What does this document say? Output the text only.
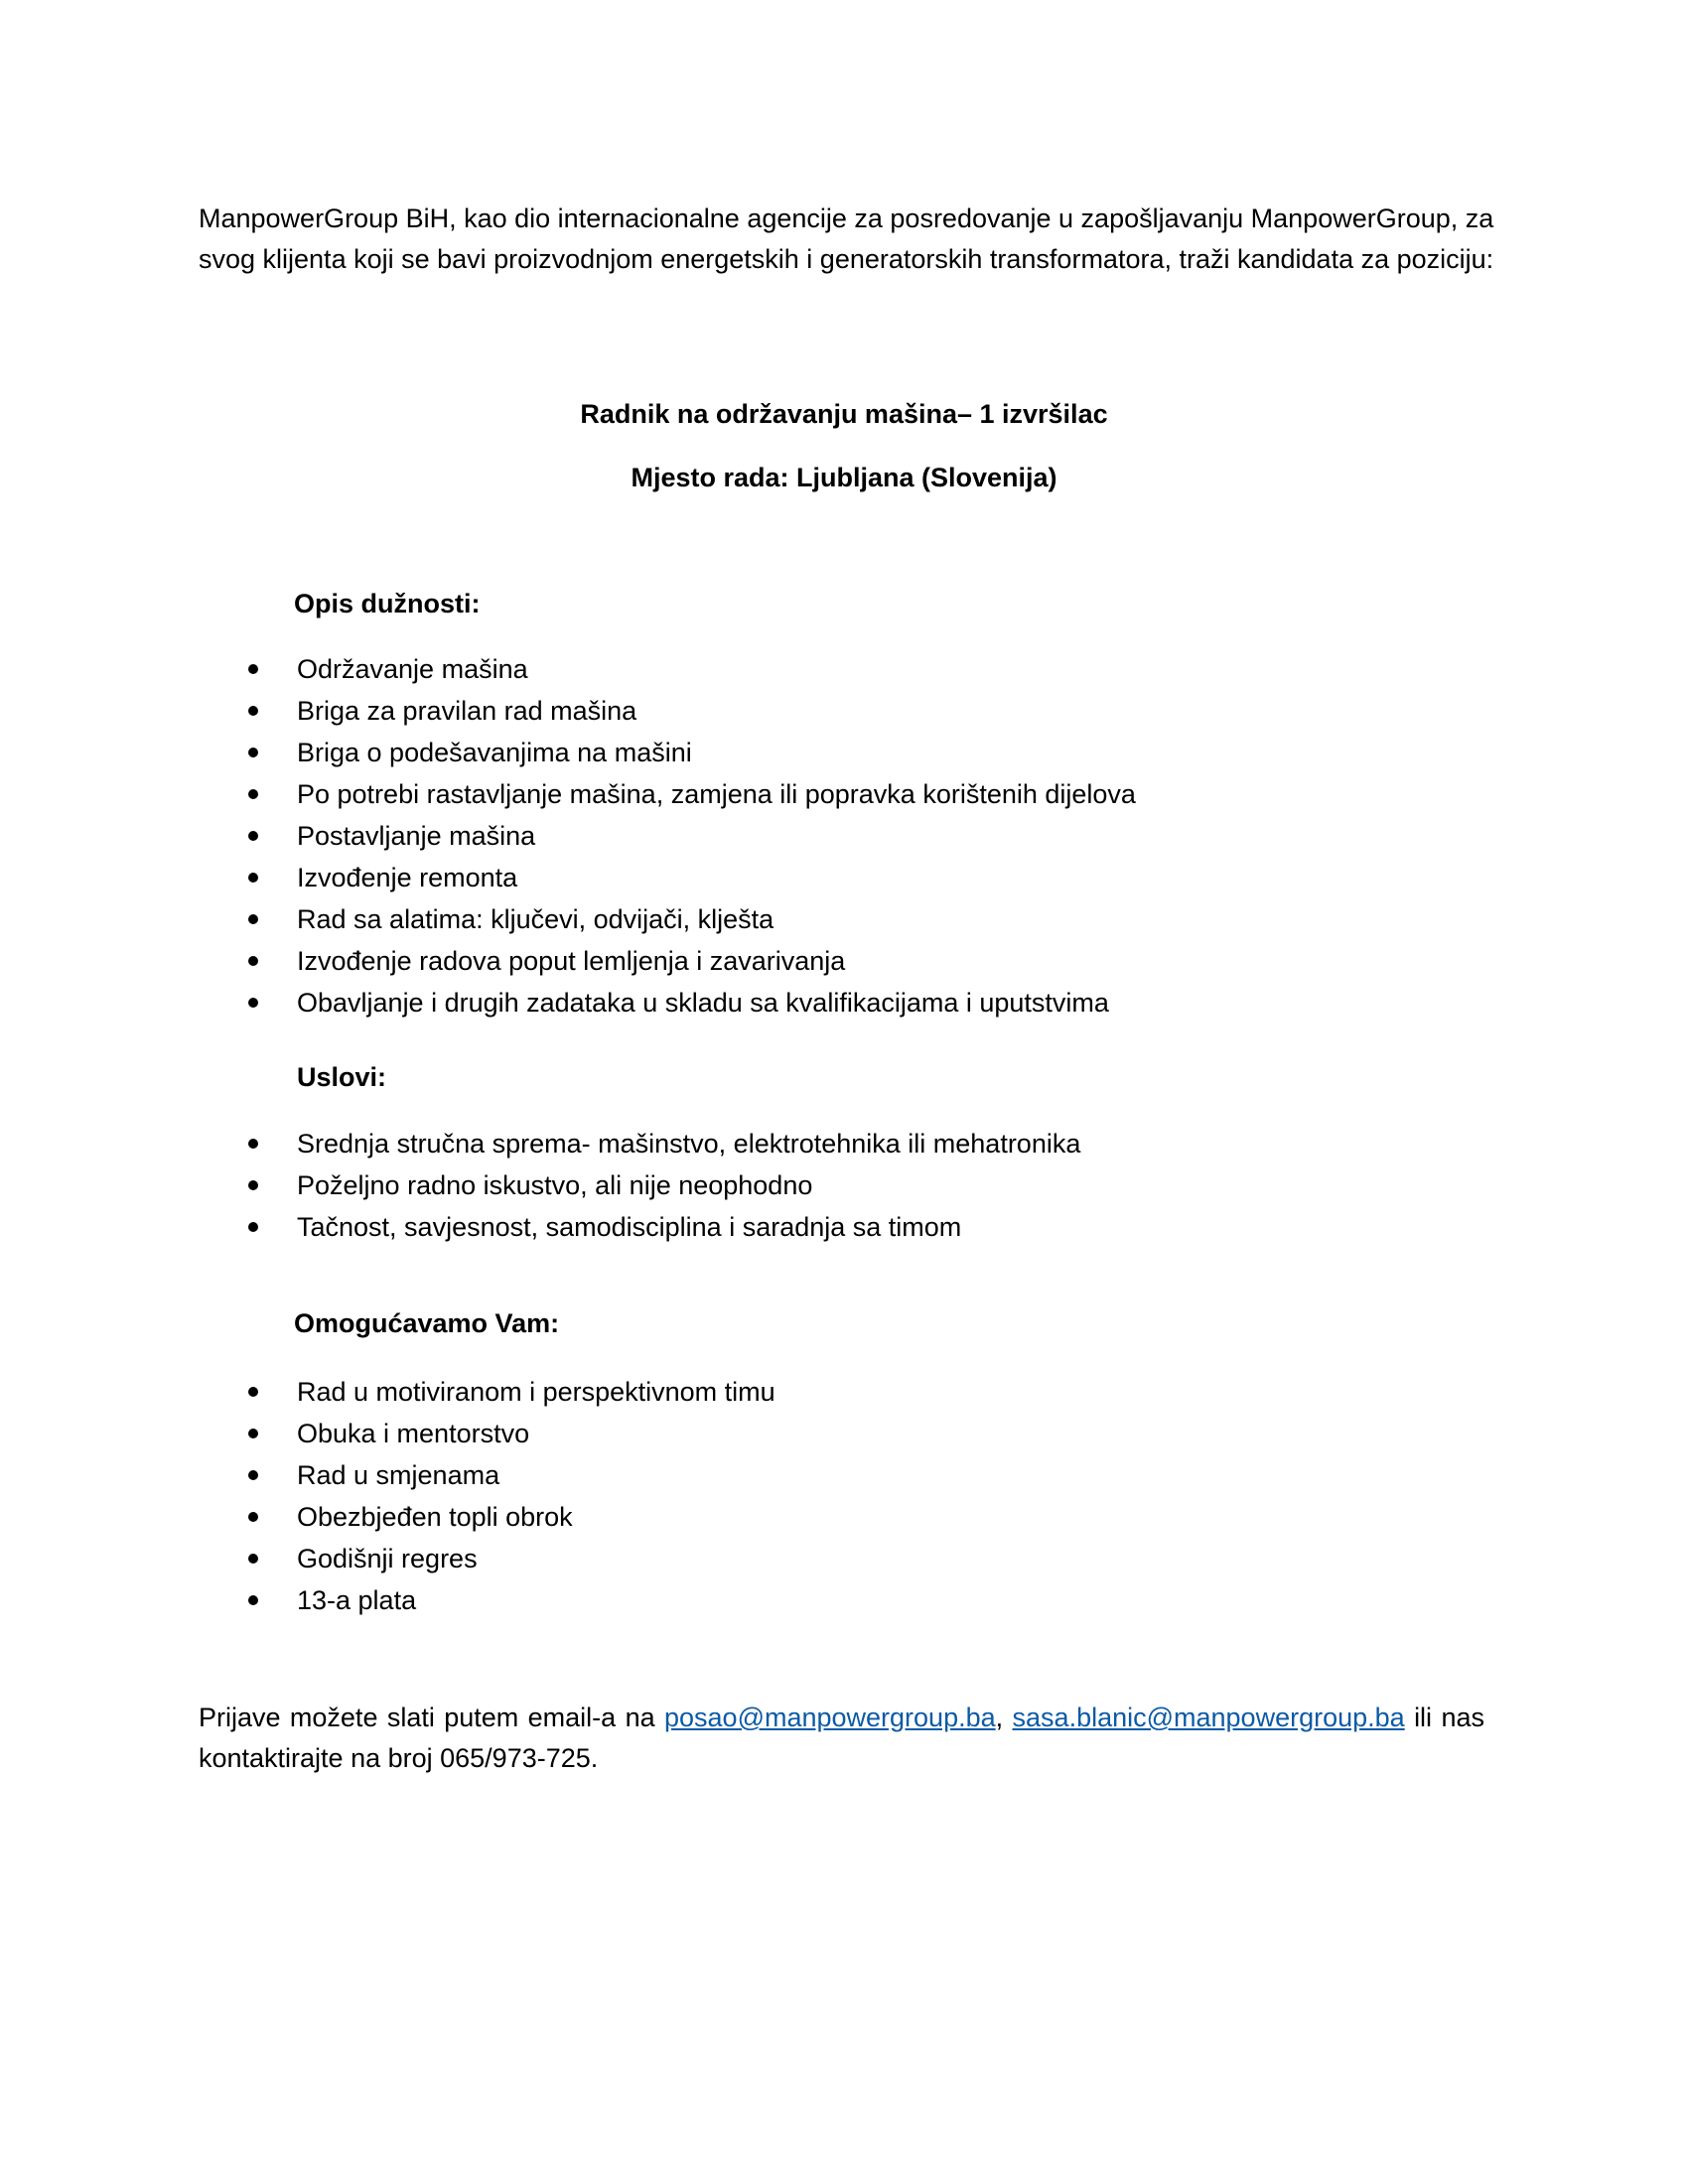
ManpowerGroup BiH, kao dio internacionalne agencije za posredovanje u zapošljavanju ManpowerGroup, za svog klijenta koji se bavi proizvodnjom energetskih i generatorskih transformatora, traži kandidata za poziciju:

Radnik na održavanju mašina– 1 izvršilac
Mjesto rada: Ljubljana (Slovenija)
Opis dužnosti:
Održavanje mašina
Briga za pravilan rad mašina
Briga o podešavanjima na mašini
Po potrebi rastavljanje mašina, zamjena ili popravka korištenih dijelova
Postavljanje mašina
Izvođenje remonta
Rad sa alatima: ključevi, odvijači, klješta
Izvođenje radova poput lemljenja i zavarivanja
Obavljanje i drugih zadataka u skladu sa kvalifikacijama i uputstvima
Uslovi:
Srednja stručna sprema- mašinstvo, elektrotehnika ili mehatronika
Poželjno radno iskustvo, ali nije neophodno
Tačnost, savjesnost, samodisciplina i saradnja sa timom
Omogućavamo Vam:
Rad u motiviranom i perspektivnom timu
Obuka i mentorstvo
Rad u smjenama
Obezbjeđen topli obrok
Godišnji regres
13-a plata

Prijave možete slati putem email-a na posao@manpowergroup.ba, sasa.blanic@manpowergroup.ba ili nas kontaktirajte na broj 065/973-725.
